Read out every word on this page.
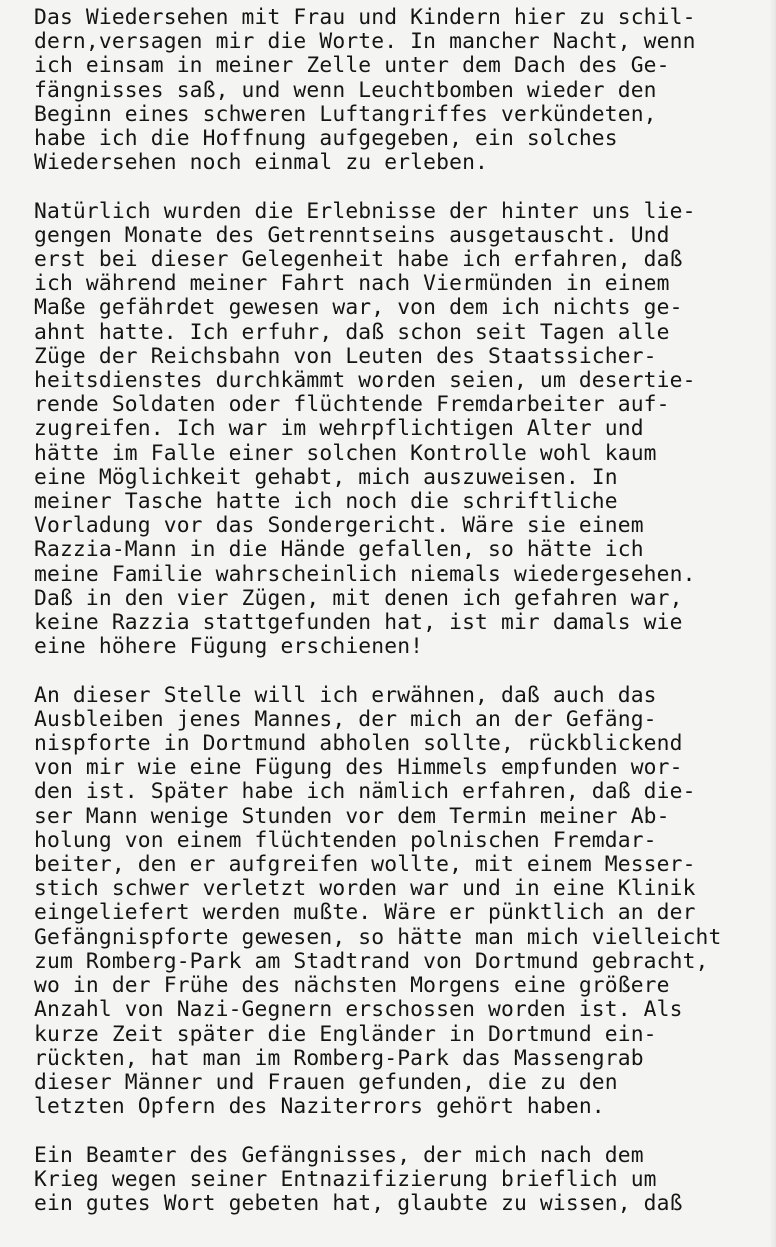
Das Wiedersehen mit Frau und Kindern hier zu schil-
dern,versagen mir die Worte. In mancher Nacht, wenn
ich einsam in meiner Zelle unter dem Dach des Ge-
fängnisses saß, und wenn Leuchtbomben wieder den
Beginn eines schweren Luftangriffes verkündeten,
habe ich die Hoffnung aufgegeben, ein solches
Wiedersehen noch einmal zu erleben.

Natürlich wurden die Erlebnisse der hinter uns lie-
gengen Monate des Getrenntseins ausgetauscht. Und
erst bei dieser Gelegenheit habe ich erfahren, daß
ich während meiner Fahrt nach Viermünden in einem
Maße gefährdet gewesen war, von dem ich nichts ge-
ahnt hatte. Ich erfuhr, daß schon seit Tagen alle
Züge der Reichsbahn von Leuten des Staatssicher-
heitsdienstes durchkämmt worden seien, um desertie-
rende Soldaten oder flüchtende Fremdarbeiter auf-
zugreifen. Ich war im wehrpflichtigen Alter und
hätte im Falle einer solchen Kontrolle wohl kaum
eine Möglichkeit gehabt, mich auszuweisen. In
meiner Tasche hatte ich noch die schriftliche
Vorladung vor das Sondergericht. Wäre sie einem
Razzia-Mann in die Hände gefallen, so hätte ich
meine Familie wahrscheinlich niemals wiedergesehen.
Daß in den vier Zügen, mit denen ich gefahren war,
keine Razzia stattgefunden hat, ist mir damals wie
eine höhere Fügung erschienen!

An dieser Stelle will ich erwähnen, daß auch das
Ausbleiben jenes Mannes, der mich an der Gefäng-
nispforte in Dortmund abholen sollte, rückblickend
von mir wie eine Fügung des Himmels empfunden wor-
den ist. Später habe ich nämlich erfahren, daß die-
ser Mann wenige Stunden vor dem Termin meiner Ab-
holung von einem flüchtenden polnischen Fremdar-
beiter, den er aufgreifen wollte, mit einem Messer-
stich schwer verletzt worden war und in eine Klinik
eingeliefert werden mußte. Wäre er pünktlich an der
Gefängnispforte gewesen, so hätte man mich vielleicht
zum Romberg-Park am Stadtrand von Dortmund gebracht,
wo in der Frühe des nächsten Morgens eine größere
Anzahl von Nazi-Gegnern erschossen worden ist. Als
kurze Zeit später die Engländer in Dortmund ein-
rückten, hat man im Romberg-Park das Massengrab
dieser Männer und Frauen gefunden, die zu den
letzten Opfern des Naziterrors gehört haben.

Ein Beamter des Gefängnisses, der mich nach dem
Krieg wegen seiner Entnazifizierung brieflich um
ein gutes Wort gebeten hat, glaubte zu wissen, daß
